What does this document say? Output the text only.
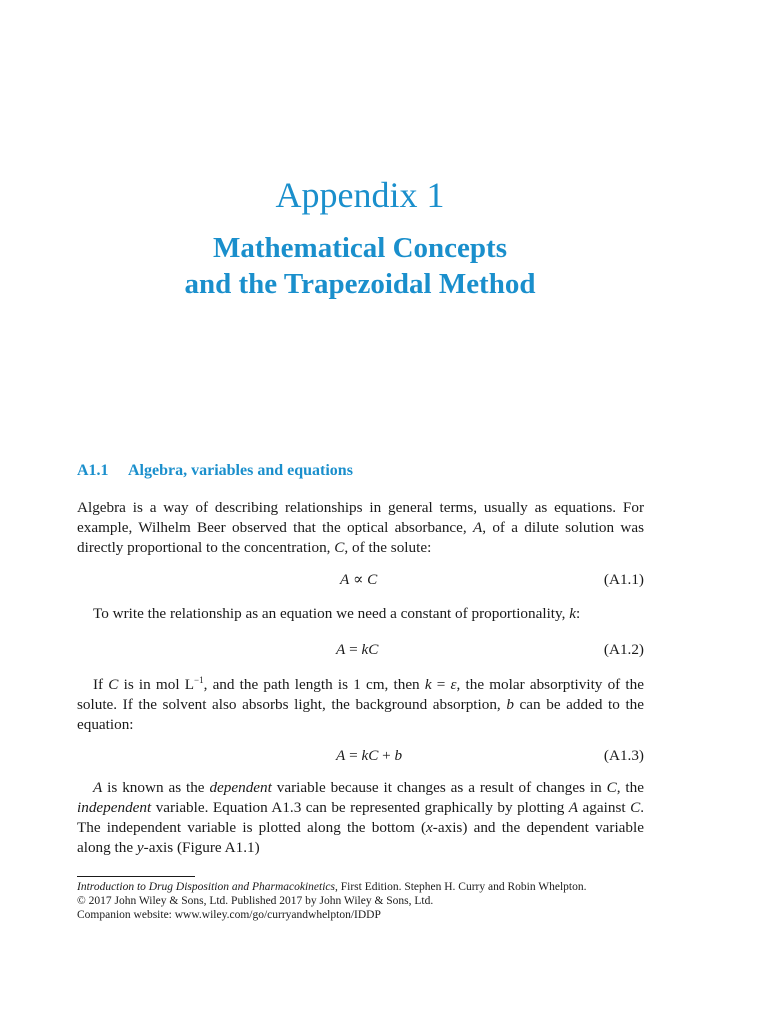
Appendix 1
Mathematical Concepts
and the Trapezoidal Method
A1.1 Algebra, variables and equations

Algebra is a way of describing relationships in general terms, usually as equations. For example, Wilhelm Beer observed that the optical absorbance, A, of a dilute solution was directly proportional to the concentration, C, of the solute:

A ∝ C	(A1.1)

To write the relationship as an equation we need a constant of proportionality, k:

A = kC	(A1.2)

If C is in mol $L^{-1}$, and the path length is 1 cm, then k = ε, the molar absorptivity of the solute. If the solvent also absorbs light, the background absorption, b can be added to the equation:

A = kC + b	(A1.3)

A is known as the dependent variable because it changes as a result of changes in C, the independent variable. Equation A1.3 can be represented graphically by plotting A against C. The independent variable is plotted along the bottom (x-axis) and the dependent variable along the y-axis (Figure A1.1)

Introduction to Drug Disposition and Pharmacokinetics, First Edition. Stephen H. Curry and Robin Whelpton.
© 2017 John Wiley & Sons, Ltd. Published 2017 by John Wiley & Sons, Ltd.
Companion website: www.wiley.com/go/curryandwhelpton/IDDP
